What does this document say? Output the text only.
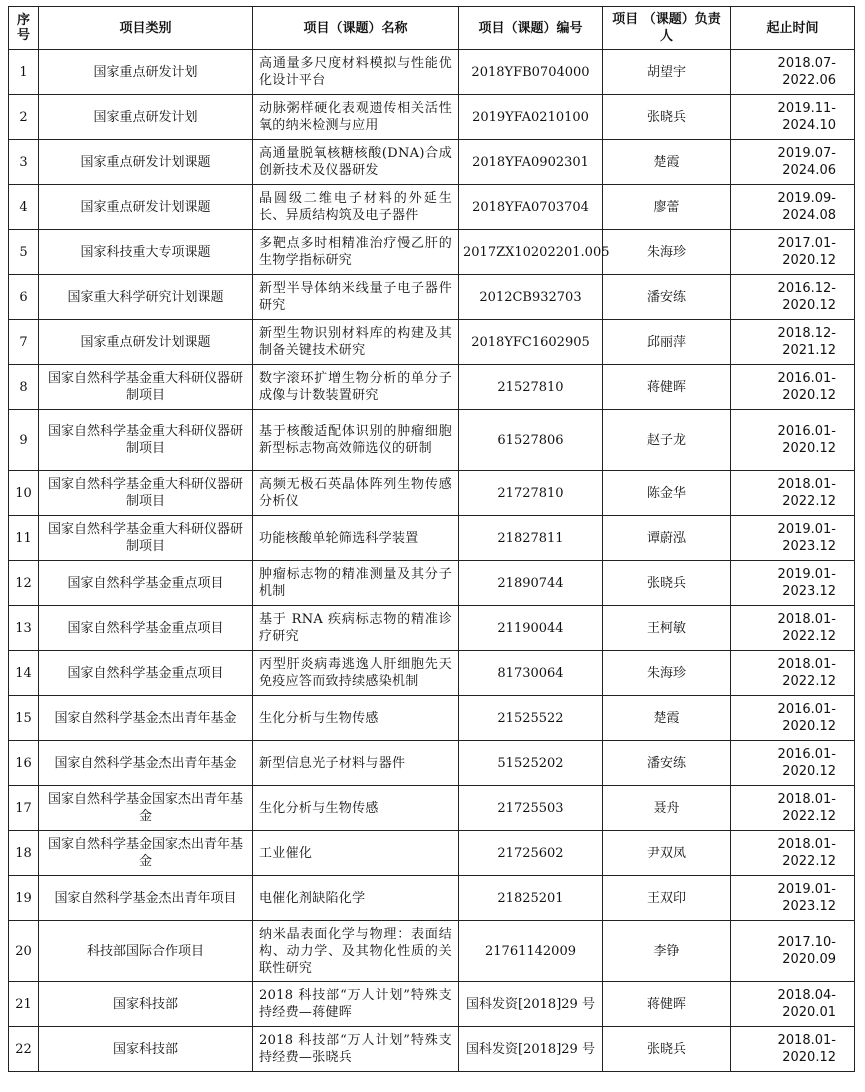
序号	项目类别	项目（课题）名称	项目（课题）编号	项目 （课题）负责人	起止时间
1	国家重点研发计划	高通量多尺度材料模拟与性能优化设计平台	2018YFB0704000	胡望宇	2018.07-2022.06
2	国家重点研发计划	动脉粥样硬化表观遗传相关活性氧的纳米检测与应用	2019YFA0210100	张晓兵	2019.11-2024.10
3	国家重点研发计划课题	高通量脱氧核糖核酸(DNA)合成创新技术及仪器研发	2018YFA0902301	楚霞	2019.07-2024.06
4	国家重点研发计划课题	晶圆级二维电子材料的外延生长、异质结构筑及电子器件	2018YFA0703704	廖蕾	2019.09-2024.08
5	国家科技重大专项课题	多靶点多时相精准治疗慢乙肝的生物学指标研究	2017ZX10202201.005	朱海珍	2017.01-2020.12
6	国家重大科学研究计划课题	新型半导体纳米线量子电子器件研究	2012CB932703	潘安练	2016.12-2020.12
7	国家重点研发计划课题	新型生物识别材料库的构建及其制备关键技术研究	2018YFC1602905	邱丽萍	2018.12-2021.12
8	国家自然科学基金重大科研仪器研制项目	数字滚环扩增生物分析的单分子成像与计数装置研究	21527810	蒋健晖	2016.01-2020.12
9	国家自然科学基金重大科研仪器研制项目	基于核酸适配体识别的肿瘤细胞新型标志物高效筛选仪的研制	61527806	赵子龙	2016.01-2020.12
10	国家自然科学基金重大科研仪器研制项目	高频无极石英晶体阵列生物传感分析仪	21727810	陈金华	2018.01-2022.12
11	国家自然科学基金重大科研仪器研制项目	功能核酸单轮筛选科学装置	21827811	谭蔚泓	2019.01-2023.12
12	国家自然科学基金重点项目	肿瘤标志物的精准测量及其分子机制	21890744	张晓兵	2019.01-2023.12
13	国家自然科学基金重点项目	基于 RNA 疾病标志物的精准诊疗研究	21190044	王柯敏	2018.01-2022.12
14	国家自然科学基金重点项目	丙型肝炎病毒逃逸人肝细胞先天免疫应答而致持续感染机制	81730064	朱海珍	2018.01-2022.12
15	国家自然科学基金杰出青年基金	生化分析与生物传感	21525522	楚霞	2016.01-2020.12
16	国家自然科学基金杰出青年基金	新型信息光子材料与器件	51525202	潘安练	2016.01-2020.12
17	国家自然科学基金国家杰出青年基金	生化分析与生物传感	21725503	聂舟	2018.01-2022.12
18	国家自然科学基金国家杰出青年基金	工业催化	21725602	尹双凤	2018.01-2022.12
19	国家自然科学基金杰出青年项目	电催化剂缺陷化学	21825201	王双印	2019.01-2023.12
20	科技部国际合作项目	纳米晶表面化学与物理：表面结构、动力学、及其物化性质的关联性研究	21761142009	李铮	2017.10-2020.09
21	国家科技部	2018 科技部“万人计划”特殊支持经费—蒋健晖	国科发资[2018]29 号	蒋健晖	2018.04-2020.01
22	国家科技部	2018 科技部“万人计划”特殊支持经费—张晓兵	国科发资[2018]29 号	张晓兵	2018.01-2020.12
